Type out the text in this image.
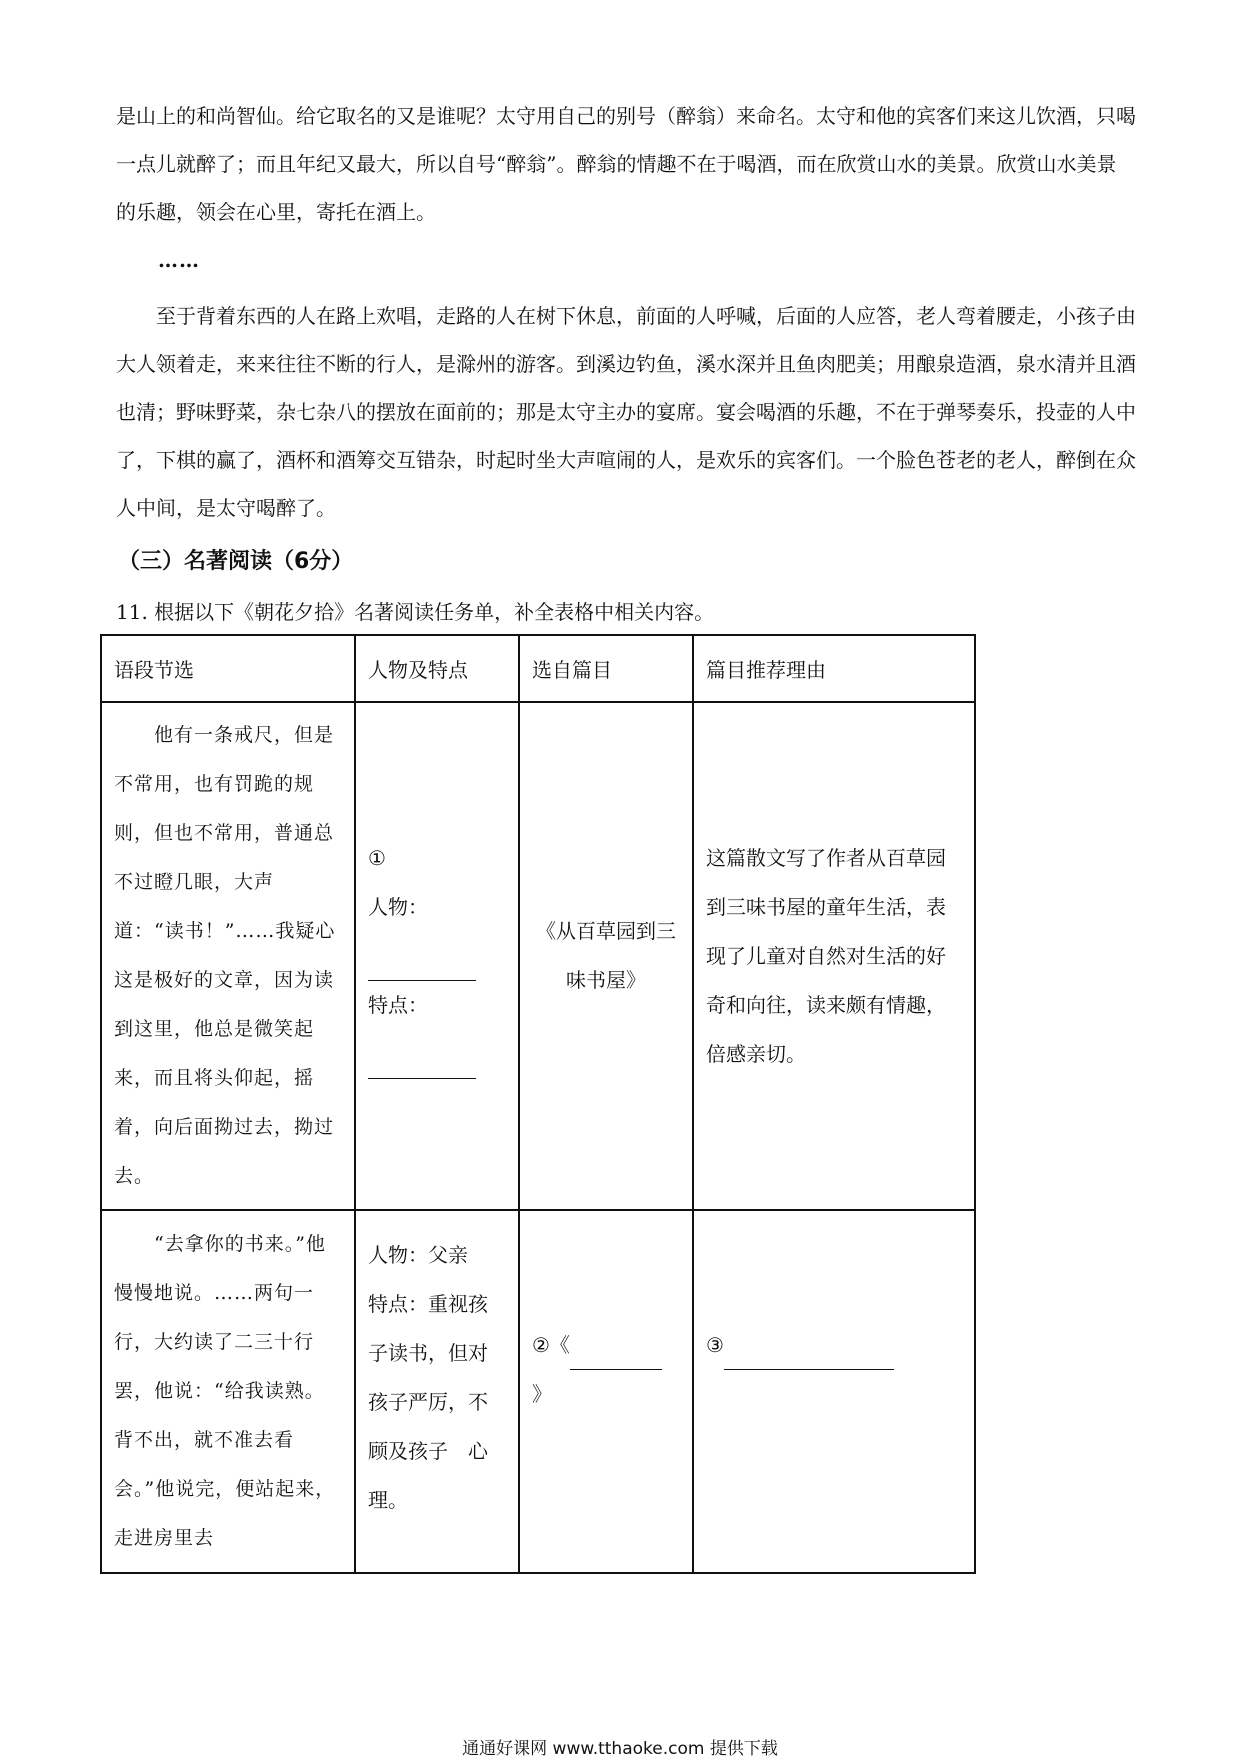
是山上的和尚智仙。给它取名的又是谁呢？太守用自己的别号（醉翁）来命名。太守和他的宾客们来这儿饮酒，只喝一点儿就醉了；而且年纪又最大，所以自号“醉翁”。醉翁的情趣不在于喝酒，而在欣赏山水的美景。欣赏山水美景的乐趣，领会在心里，寄托在酒上。

……

至于背着东西的人在路上欢唱，走路的人在树下休息，前面的人呼喊，后面的人应答，老人弯着腰走，小孩子由大人领着走，来来往往不断的行人，是滁州的游客。到溪边钓鱼，溪水深并且鱼肉肥美；用酿泉造酒，泉水清并且酒也清；野味野菜，杂七杂八的摆放在面前的；那是太守主办的宴席。宴会喝酒的乐趣，不在于弹琴奏乐，投壶的人中了，下棋的赢了，酒杯和酒筹交互错杂，时起时坐大声喧闹的人，是欢乐的宾客们。一个脸色苍老的老人，醉倒在众人中间，是太守喝醉了。

（三）名著阅读（6分）
11. 根据以下《朝花夕拾》名著阅读任务单，补全表格中相关内容。
语段节选	人物及特点	选自篇目	篇目推荐理由

他有一条戒尺，但是不常用，也有罚跪的规则，但也不常用，普通总不过瞪几眼，大声道：“读书！”……我疑心这是极好的文章，因为读到这里，他总是微笑起来，而且将头仰起，摇着，向后面拗过去，拗过去。	①
人物：
特点：	《从百草园到三味书屋》	这篇散文写了作者从百草园到三味书屋的童年生活，表现了儿童对自然对生活的好奇和向往，读来颇有情趣，倍感亲切。

“去拿你的书来。”他慢慢地说。……两句一行，大约读了二三十行罢，他说：“给我读熟。背不出，就不准去看会。”他说完，便站起来，走进房里去	人物：父亲
特点：重视孩子读书，但对孩子严厉，不顾及孩子　心理。	②《》	③
通通好课网 www.tthaoke.com 提供下载
